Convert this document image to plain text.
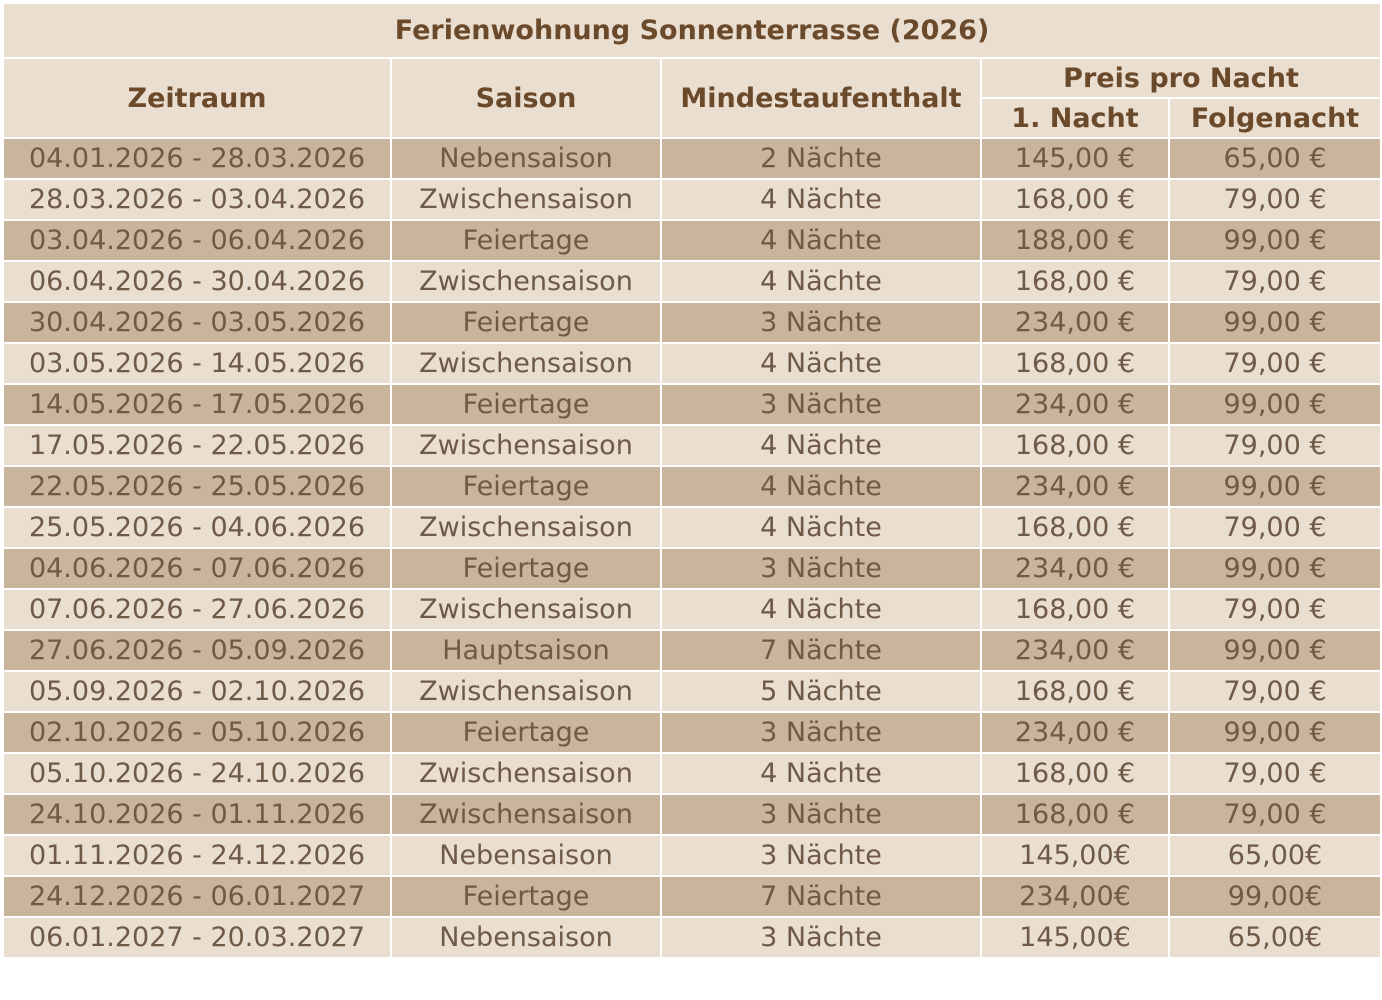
Ferienwohnung Sonnenterrasse (2026)				
Zeitraum	Saison	Mindestaufenthalt	Preis pro Nacht	
			1. Nacht	Folgenacht
04.01.2026 - 28.03.2026	Nebensaison	2 Nächte	145,00 €	65,00 €
28.03.2026 - 03.04.2026	Zwischensaison	4 Nächte	168,00 €	79,00 €
03.04.2026 - 06.04.2026	Feiertage	4 Nächte	188,00 €	99,00 €
06.04.2026 - 30.04.2026	Zwischensaison	4 Nächte	168,00 €	79,00 €
30.04.2026 - 03.05.2026	Feiertage	3 Nächte	234,00 €	99,00 €
03.05.2026 - 14.05.2026	Zwischensaison	4 Nächte	168,00 €	79,00 €
14.05.2026 - 17.05.2026	Feiertage	3 Nächte	234,00 €	99,00 €
17.05.2026 - 22.05.2026	Zwischensaison	4 Nächte	168,00 €	79,00 €
22.05.2026 - 25.05.2026	Feiertage	4 Nächte	234,00 €	99,00 €
25.05.2026 - 04.06.2026	Zwischensaison	4 Nächte	168,00 €	79,00 €
04.06.2026 - 07.06.2026	Feiertage	3 Nächte	234,00 €	99,00 €
07.06.2026 - 27.06.2026	Zwischensaison	4 Nächte	168,00 €	79,00 €
27.06.2026 - 05.09.2026	Hauptsaison	7 Nächte	234,00 €	99,00 €
05.09.2026 - 02.10.2026	Zwischensaison	5 Nächte	168,00 €	79,00 €
02.10.2026 - 05.10.2026	Feiertage	3 Nächte	234,00 €	99,00 €
05.10.2026 - 24.10.2026	Zwischensaison	4 Nächte	168,00 €	79,00 €
24.10.2026 - 01.11.2026	Zwischensaison	3 Nächte	168,00 €	79,00 €
01.11.2026 - 24.12.2026	Nebensaison	3 Nächte	145,00€	65,00€
24.12.2026 - 06.01.2027	Feiertage	7 Nächte	234,00€	99,00€
06.01.2027 - 20.03.2027	Nebensaison	3 Nächte	145,00€	65,00€
